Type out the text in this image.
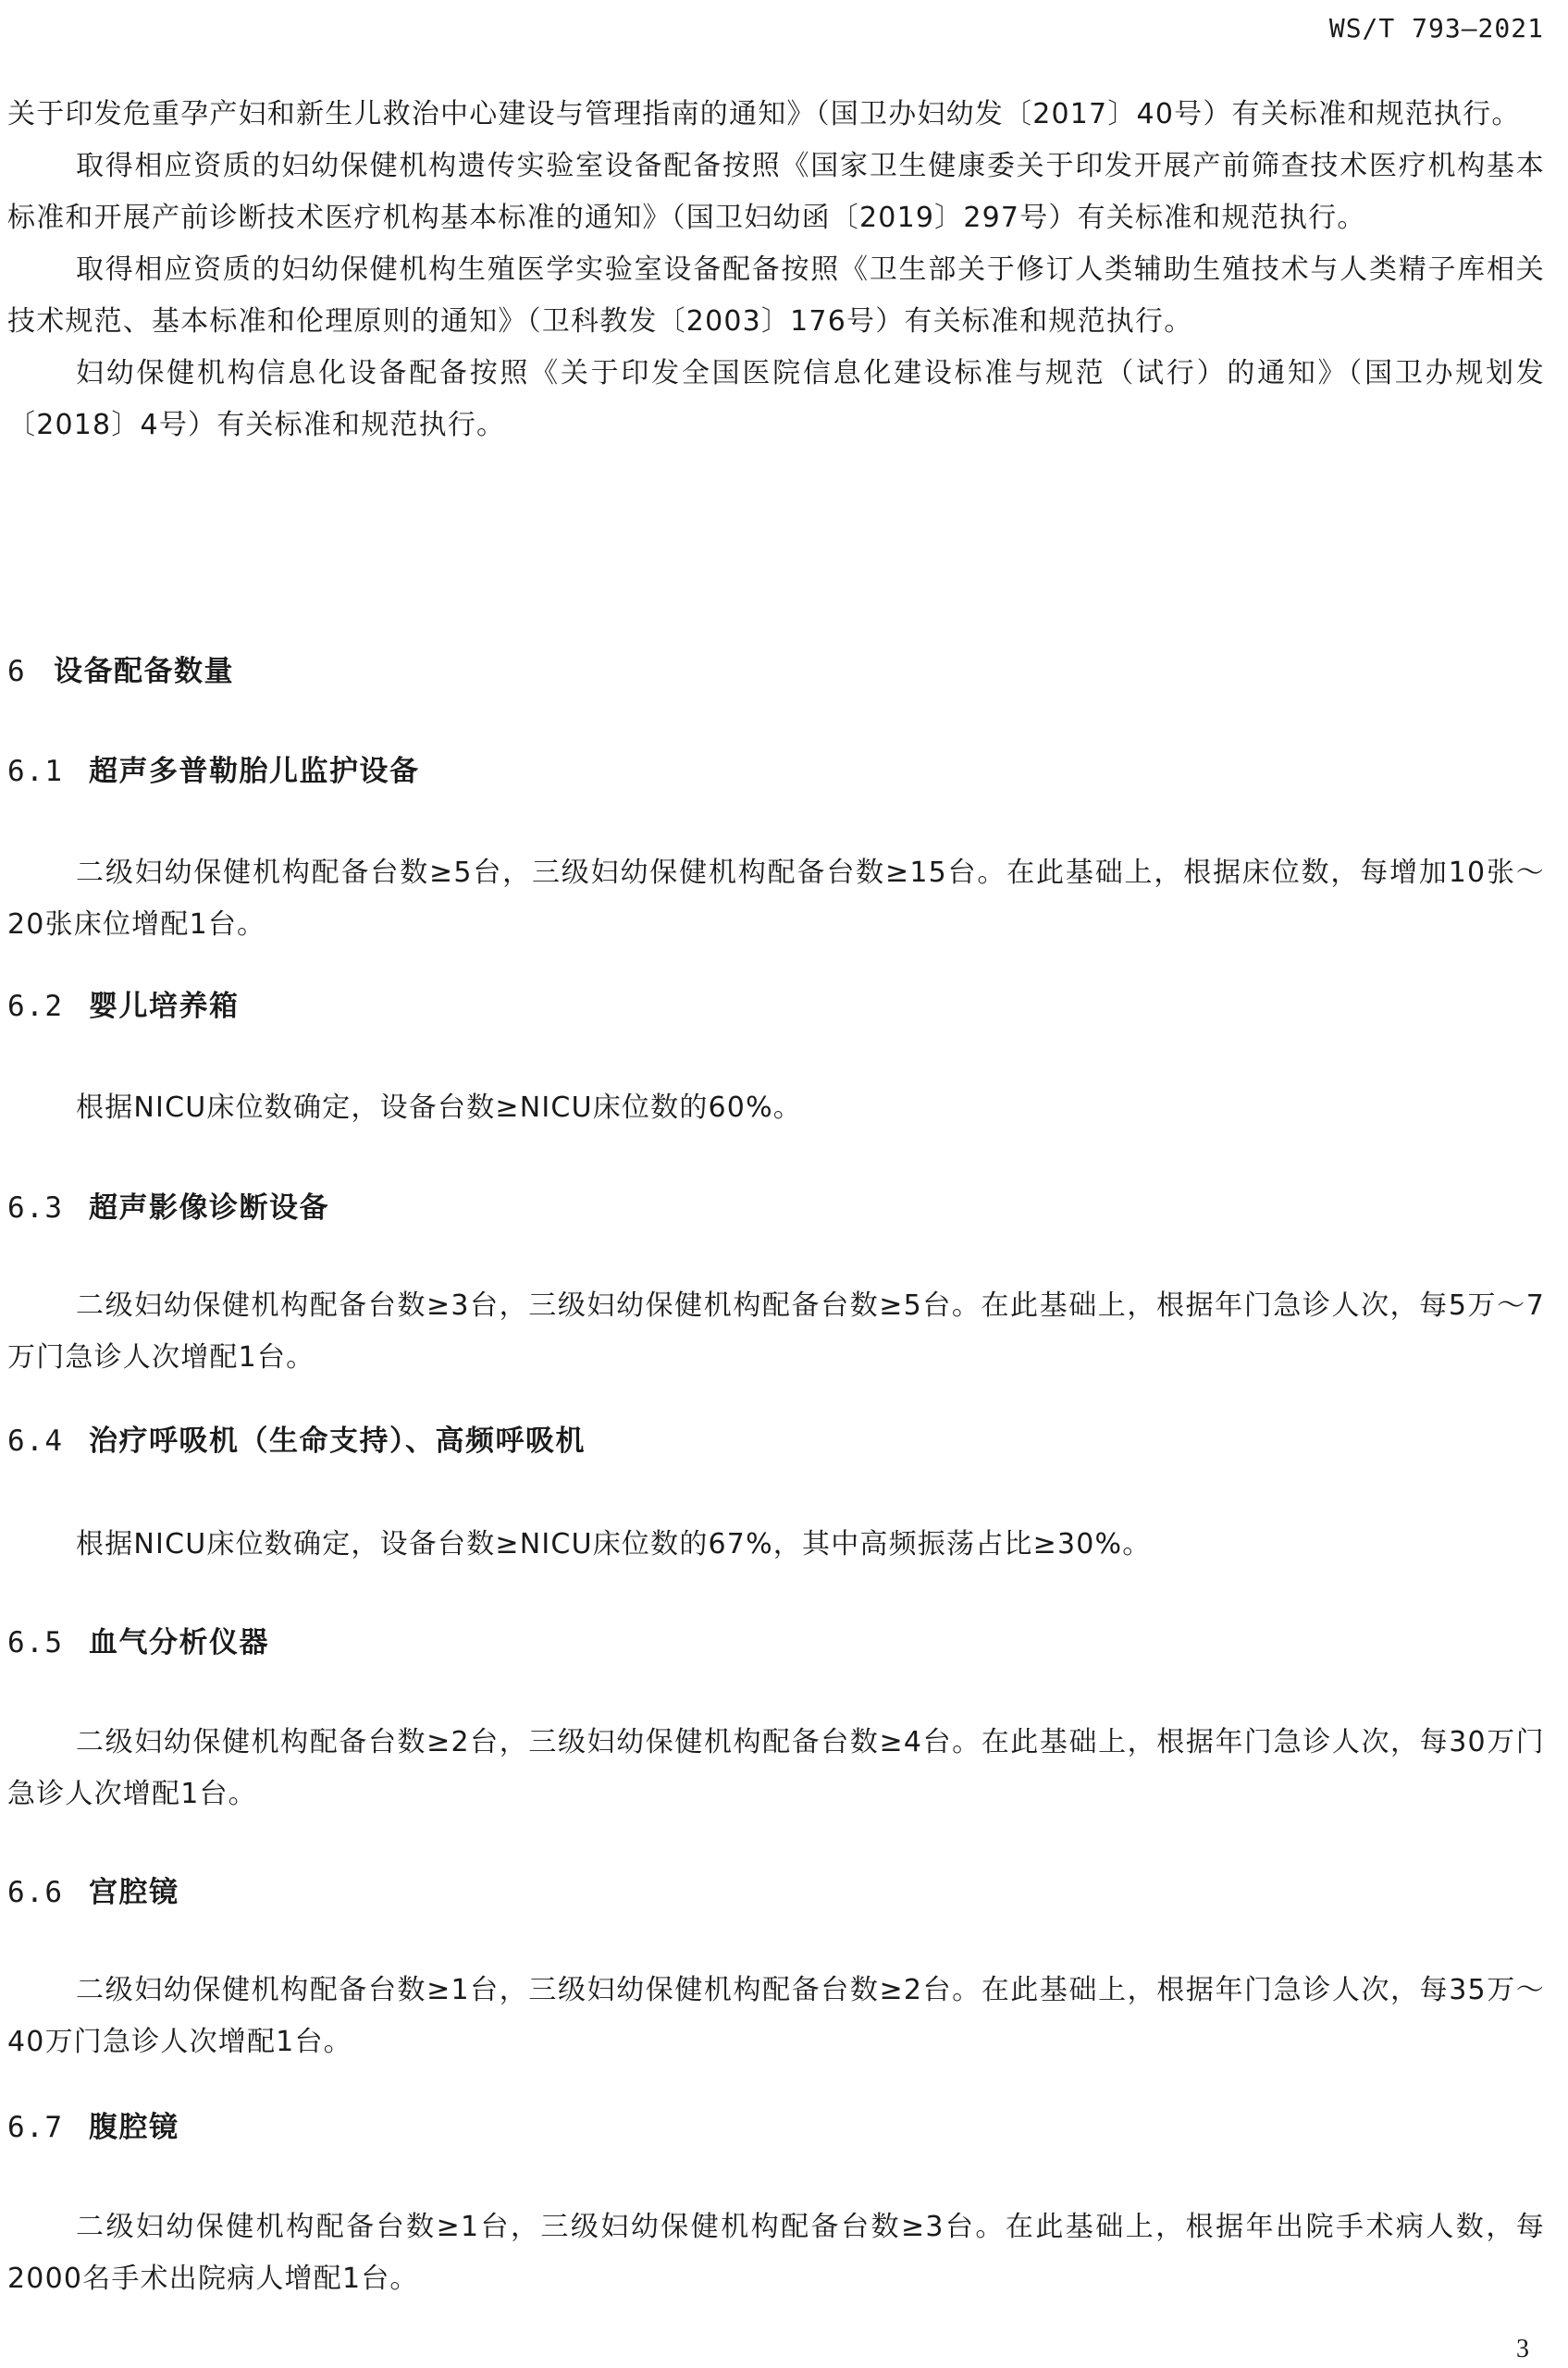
WS/T 793—2021

关于印发危重孕产妇和新生儿救治中心建设与管理指南的通知》（国卫办妇幼发〔2017〕40号）有关标准和规范执行。

取得相应资质的妇幼保健机构遗传实验室设备配备按照《国家卫生健康委关于印发开展产前筛查技术医疗机构基本标准和开展产前诊断技术医疗机构基本标准的通知》（国卫妇幼函〔2019〕297号）有关标准和规范执行。

取得相应资质的妇幼保健机构生殖医学实验室设备配备按照《卫生部关于修订人类辅助生殖技术与人类精子库相关技术规范、基本标准和伦理原则的通知》（卫科教发〔2003〕176号）有关标准和规范执行。

妇幼保健机构信息化设备配备按照《关于印发全国医院信息化建设标准与规范（试行）的通知》（国卫办规划发〔2018〕4号）有关标准和规范执行。

6 设备配备数量

6.1 超声多普勒胎儿监护设备

二级妇幼保健机构配备台数≥5台，三级妇幼保健机构配备台数≥15台。在此基础上，根据床位数，每增加10张～20张床位增配1台。

6.2 婴儿培养箱

根据NICU床位数确定，设备台数≥NICU床位数的60%。

6.3 超声影像诊断设备

二级妇幼保健机构配备台数≥3台，三级妇幼保健机构配备台数≥5台。在此基础上，根据年门急诊人次，每5万～7万门急诊人次增配1台。

6.4 治疗呼吸机（生命支持）、高频呼吸机

根据NICU床位数确定，设备台数≥NICU床位数的67%，其中高频振荡占比≥30%。

6.5 血气分析仪器

二级妇幼保健机构配备台数≥2台，三级妇幼保健机构配备台数≥4台。在此基础上，根据年门急诊人次，每30万门急诊人次增配1台。

6.6 宫腔镜

二级妇幼保健机构配备台数≥1台，三级妇幼保健机构配备台数≥2台。在此基础上，根据年门急诊人次，每35万～40万门急诊人次增配1台。

6.7 腹腔镜

二级妇幼保健机构配备台数≥1台，三级妇幼保健机构配备台数≥3台。在此基础上，根据年出院手术病人数，每2000名手术出院病人增配1台。

3
